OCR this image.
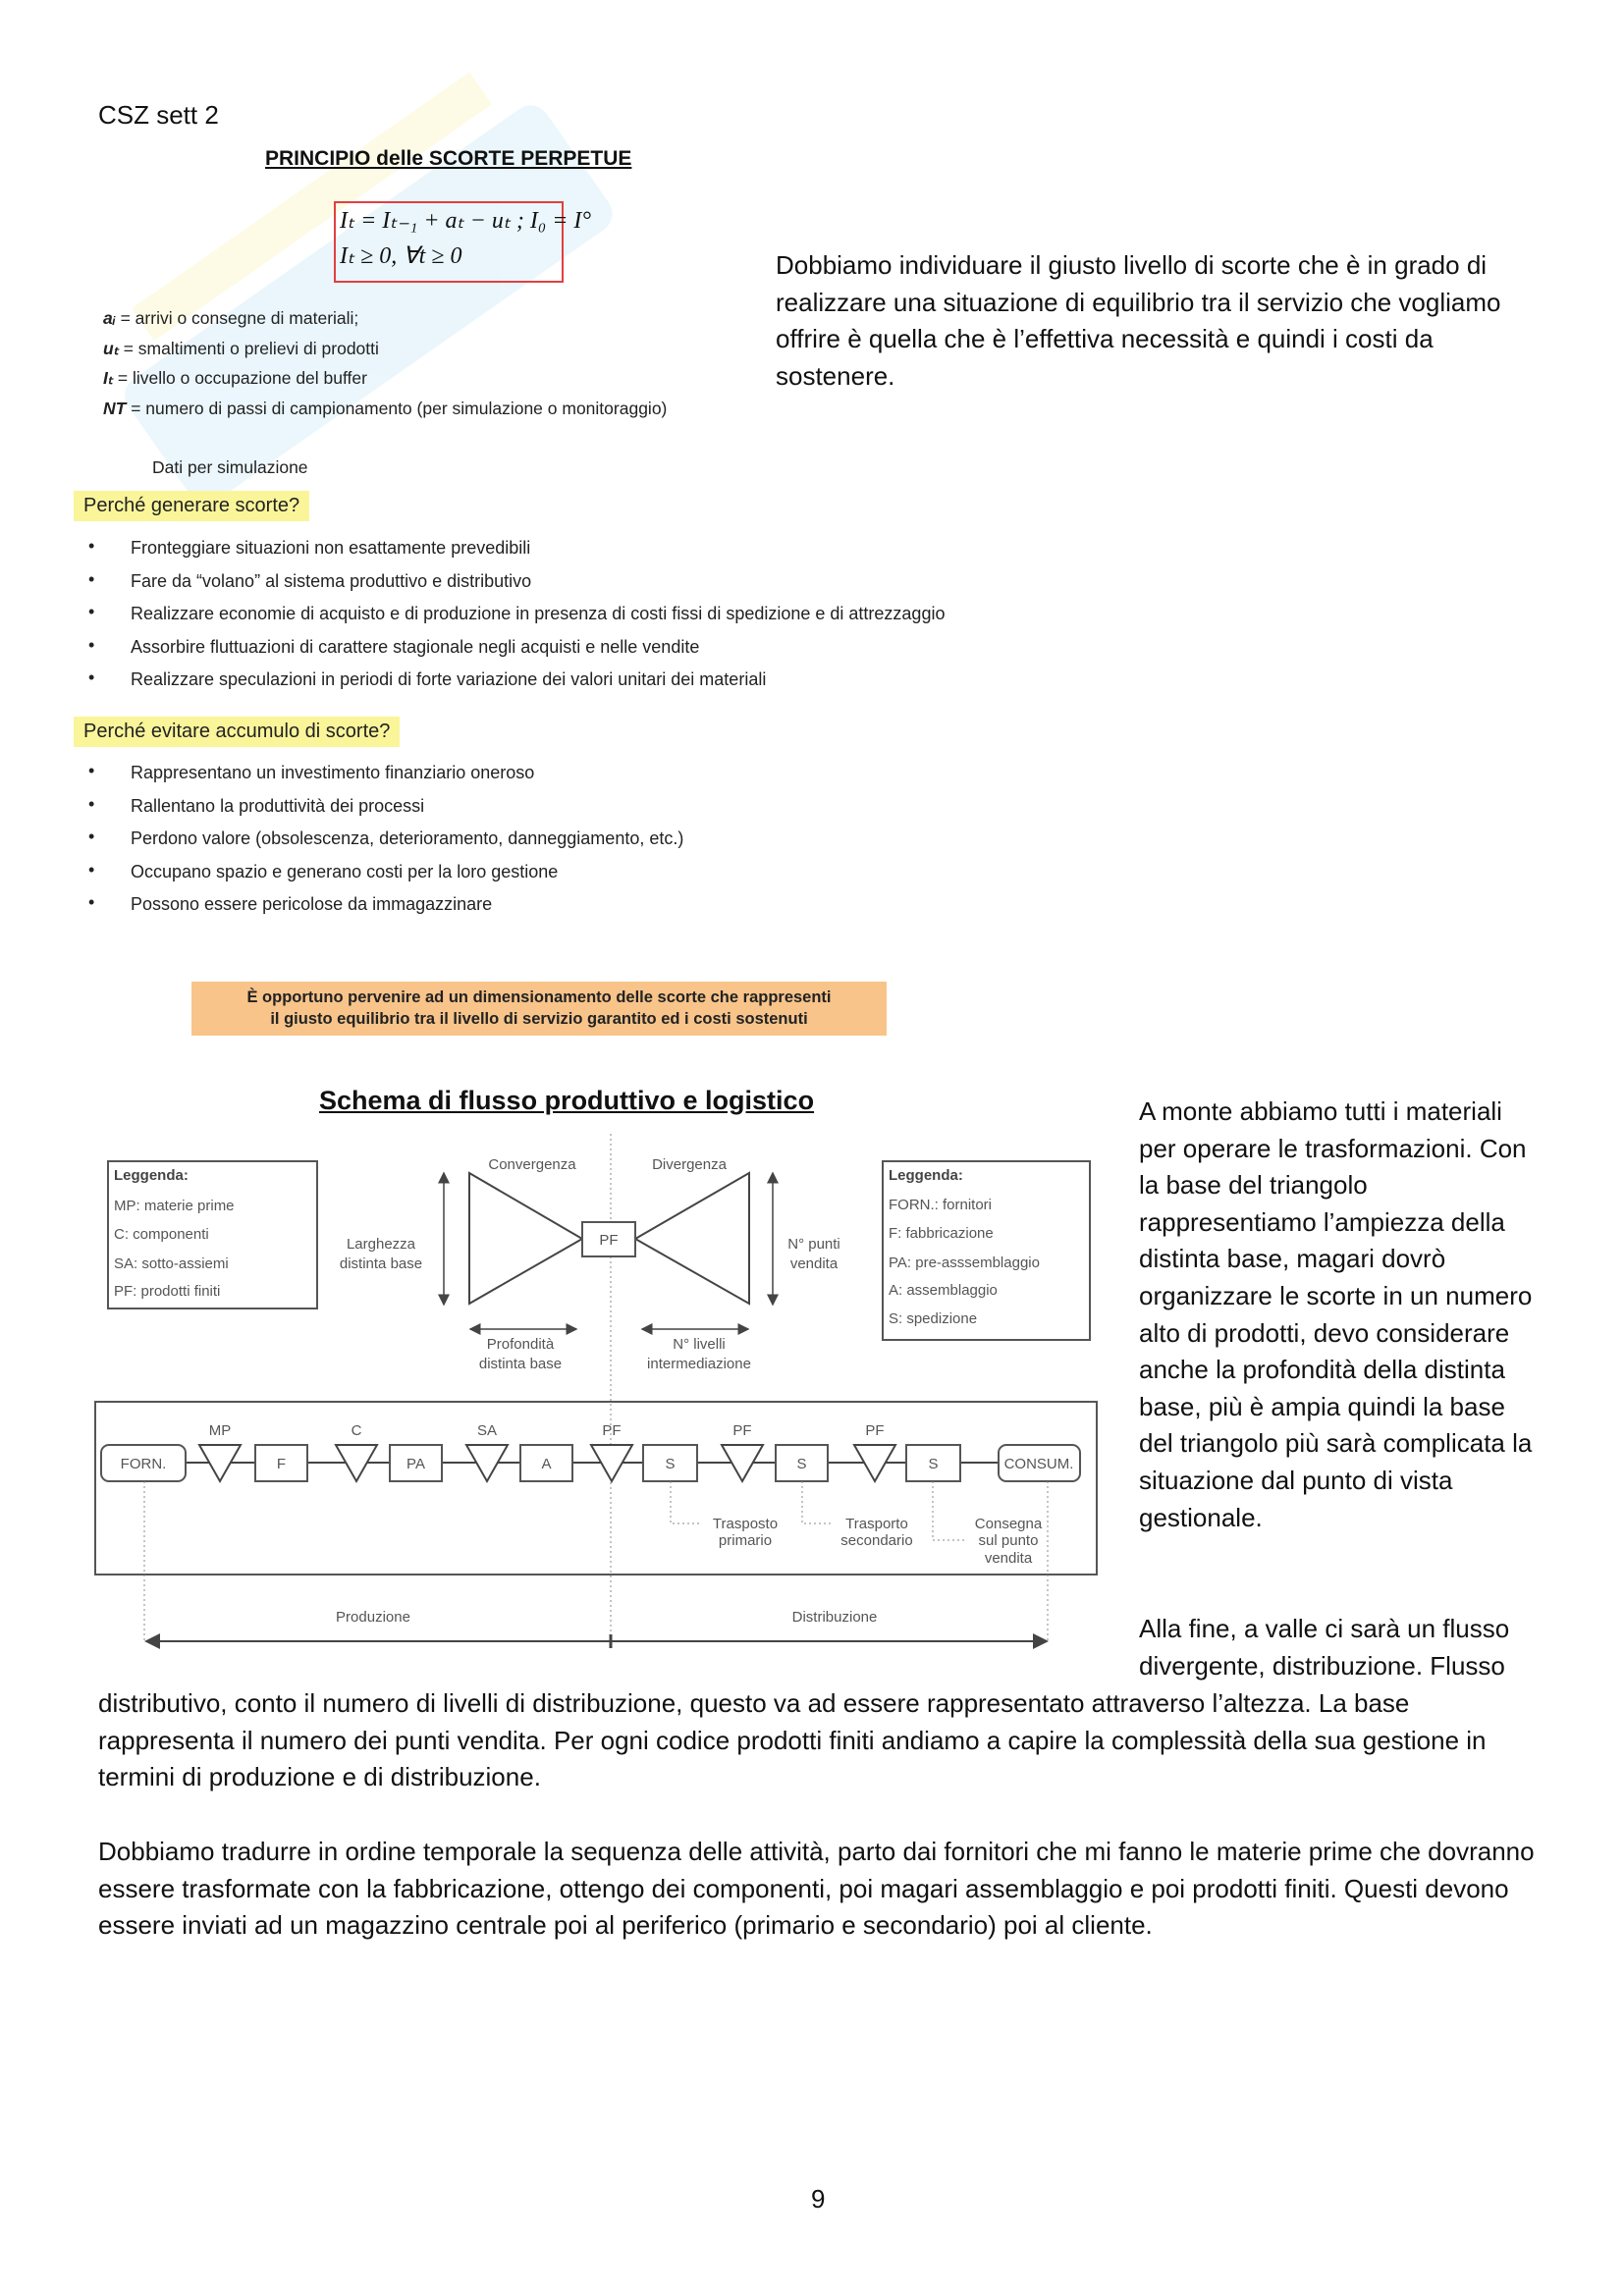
CSZ sett 2
PRINCIPIO delle SCORTE PERPETUE
Iₜ = Iₜ₋₁ + aₜ − uₜ ; I₀ = I°
Iₜ ≥ 0, ∀t ≥ 0
aᵢ = arrivi o consegne di materiali;
uₜ = smaltimenti o prelievi di prodotti
Iₜ = livello o occupazione del buffer
NT = numero di passi di campionamento (per simulazione o monitoraggio)
Dati per simulazione
Dobbiamo individuare il giusto livello di scorte che è in grado di realizzare una situazione di equilibrio tra il servizio che vogliamo offrire è quella che è l’effettiva necessità e quindi i costi da sostenere.
Perché generare scorte?
• Fronteggiare situazioni non esattamente prevedibili
• Fare da “volano” al sistema produttivo e distributivo
• Realizzare economie di acquisto e di produzione in presenza di costi fissi di spedizione e di attrezzaggio
• Assorbire fluttuazioni di carattere stagionale negli acquisti e nelle vendite
• Realizzare speculazioni in periodi di forte variazione dei valori unitari dei materiali
Perché evitare accumulo di scorte?
• Rappresentano un investimento finanziario oneroso
• Rallentano la produttività dei processi
• Perdono valore (obsolescenza, deterioramento, danneggiamento, etc.)
• Occupano spazio e generano costi per la loro gestione
• Possono essere pericolose da immagazzinare
È opportuno pervenire ad un dimensionamento delle scorte che rappresenti
il giusto equilibrio tra il livello di servizio garantito ed i costi sostenuti
Schema di flusso produttivo e logistico
Leggenda:
MP: materie prime
C: componenti
SA: sotto-assiemi
PF: prodotti finiti
Leggenda:
FORN.: fornitori
F: fabbricazione
PA: pre-asssemblaggio
A: assemblaggio
S: spedizione
PF
Convergenza	Divergenza
Larghezza
distinta base
N° punti
vendita
Profondità
distinta base
N° livelli
intermediazione
FORN.	CONSUM.
MP	C	SA	PF	PF	PF
F	PA	A	S	S	S
Trasposto
primario
Trasporto
secondario
Consegna
sul punto
vendita
Produzione	Distribuzione
A monte abbiamo tutti i materiali per operare le trasformazioni. Con la base del triangolo rappresentiamo l’ampiezza della distinta base, magari dovrò organizzare le scorte in un numero alto di prodotti, devo considerare anche la profondità della distinta base, più è ampia quindi la base del triangolo più sarà complicata la situazione dal punto di vista gestionale.
Alla fine, a valle ci sarà un flusso divergente, distribuzione. Flusso
distributivo, conto il numero di livelli di distribuzione, questo va ad essere rappresentato attraverso l’altezza. La base rappresenta il numero dei punti vendita. Per ogni codice prodotti finiti andiamo a capire la complessità della sua gestione in termini di produzione e di distribuzione.
Dobbiamo tradurre in ordine temporale la sequenza delle attività, parto dai fornitori che mi fanno le materie prime che dovranno essere trasformate con la fabbricazione, ottengo dei componenti, poi magari assemblaggio e poi prodotti finiti. Questi devono essere inviati ad un magazzino centrale poi al periferico (primario e secondario) poi al cliente.
9
